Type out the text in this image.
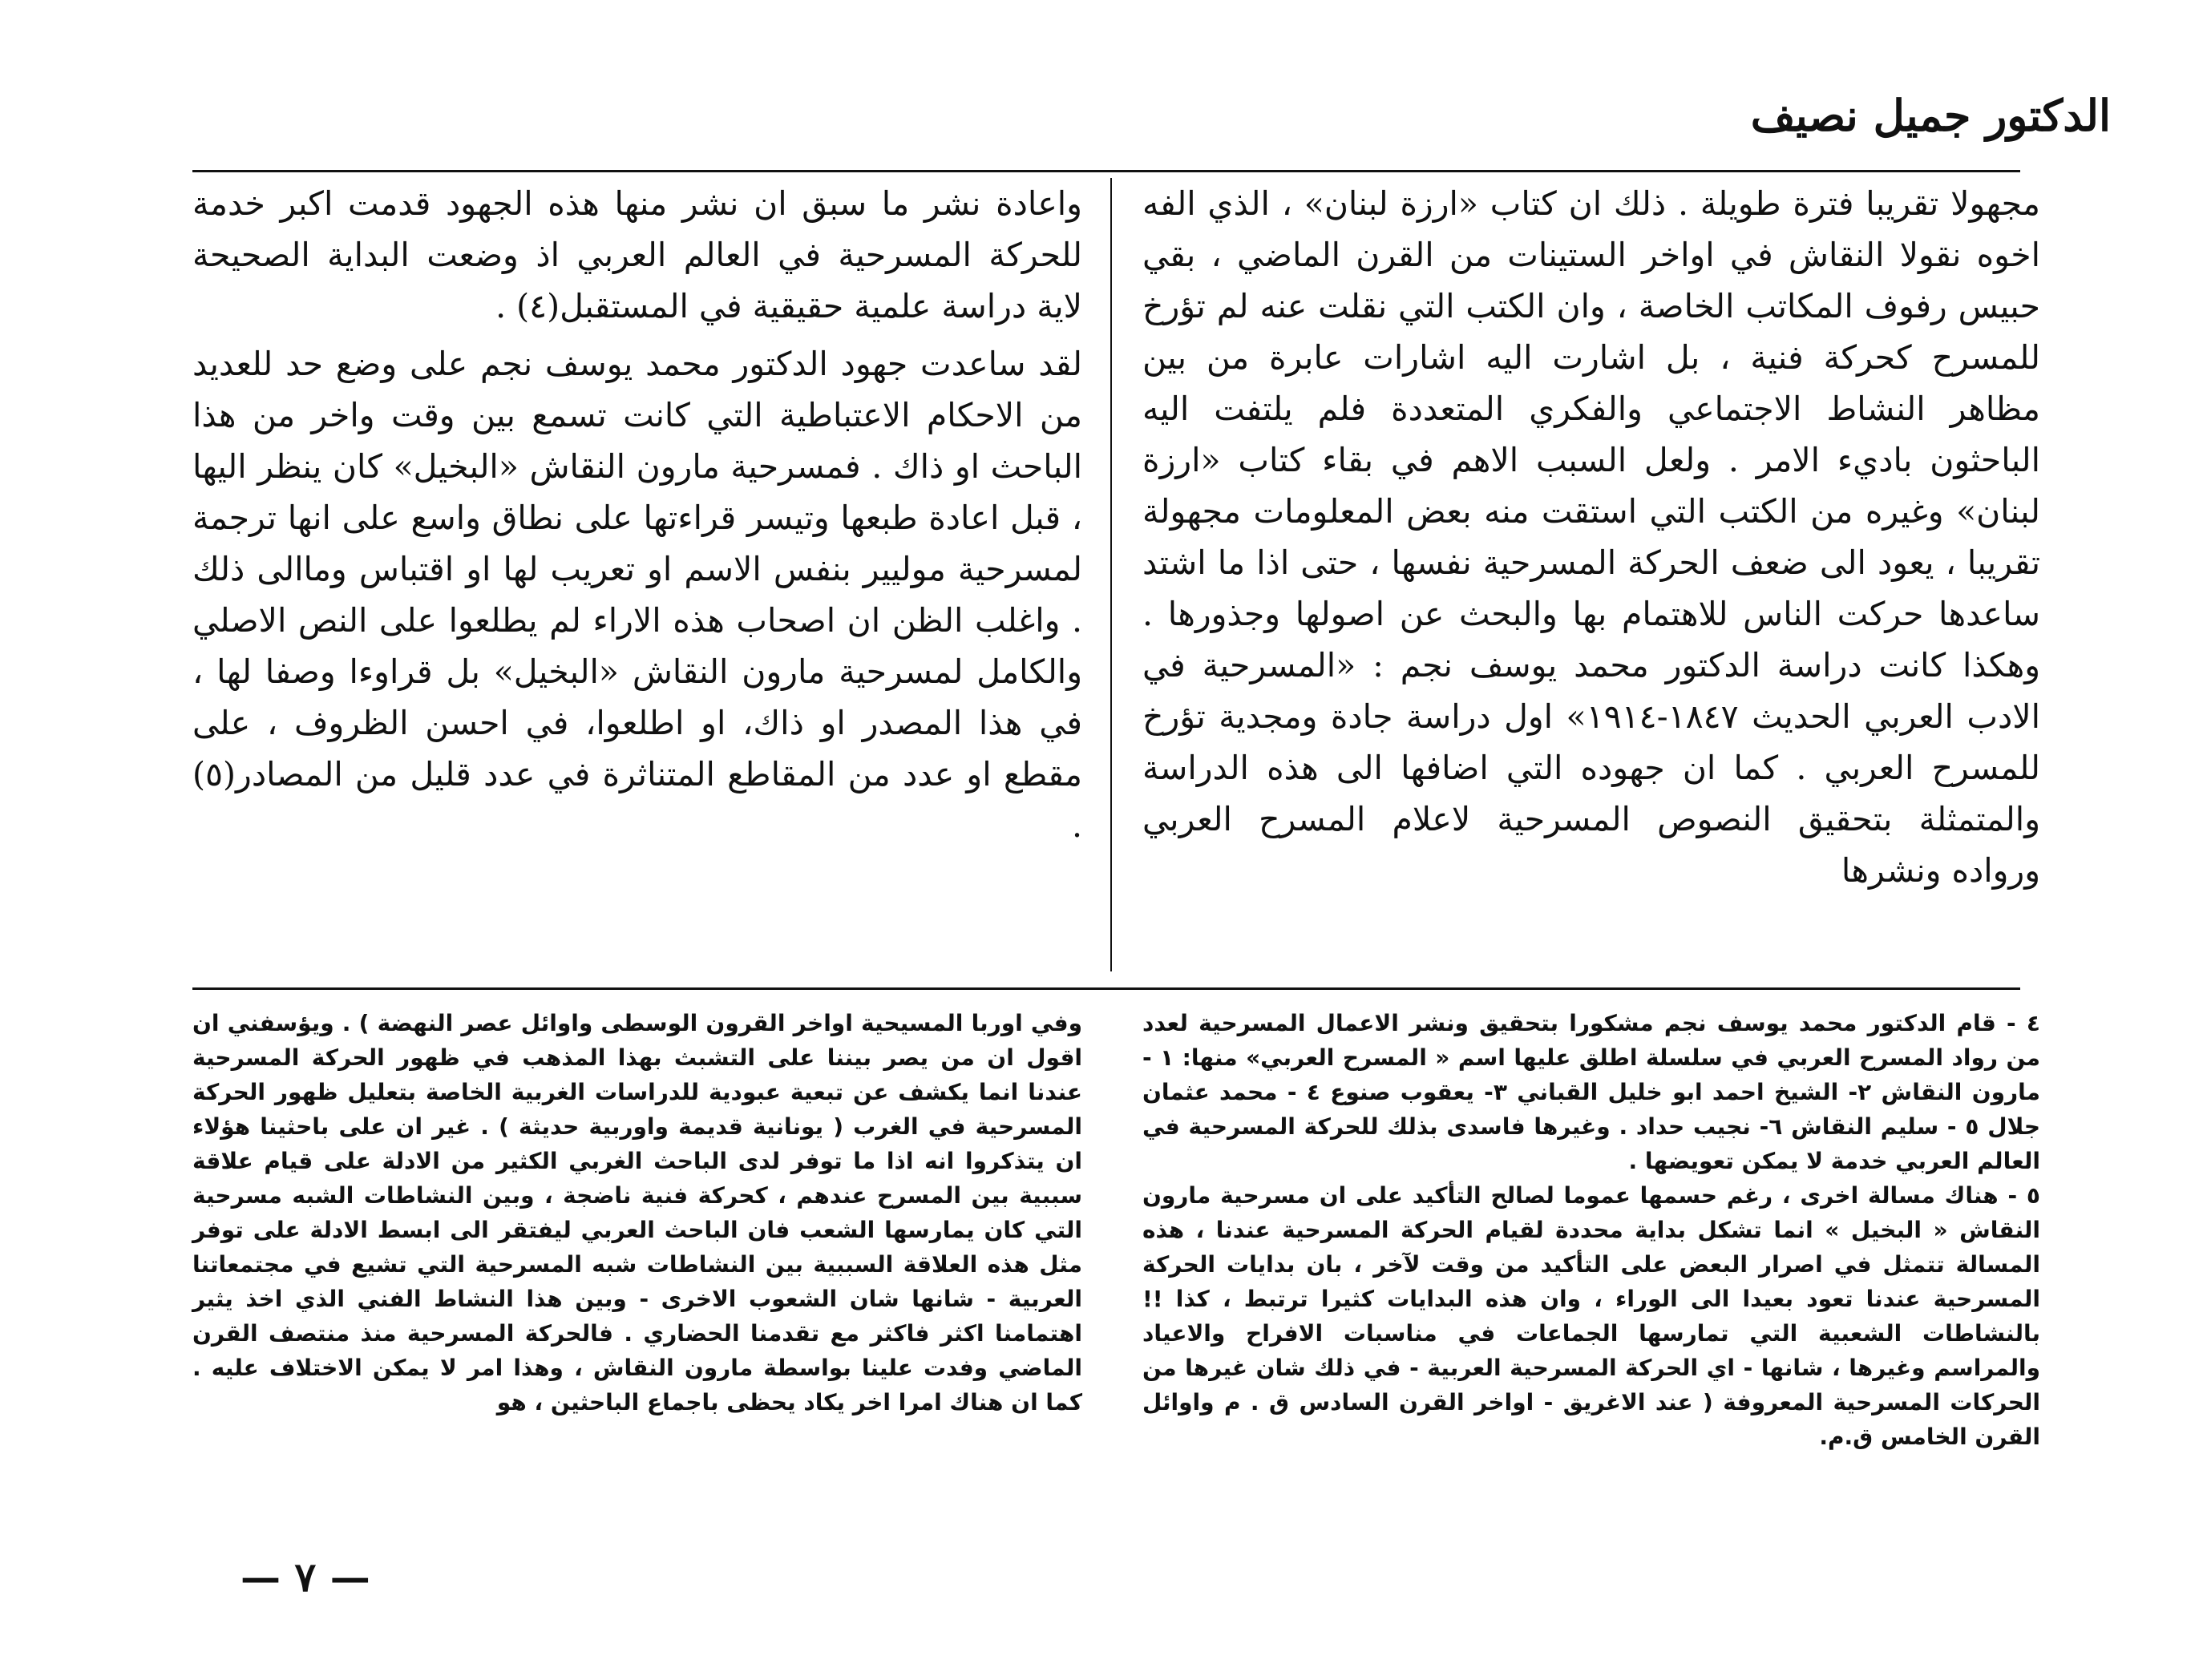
الدكتور جميل نصيف

مجهولا تقريبا فترة طويلة . ذلك ان كتاب «ارزة لبنان» ، الذي الفه اخوه نقولا النقاش في اواخر الستينات من القرن الماضي ، بقي حبيس رفوف المكاتب الخاصة ، وان الكتب التي نقلت عنه لم تؤرخ للمسرح كحركة فنية ، بل اشارت اليه اشارات عابرة من بين مظاهر النشاط الاجتماعي والفكري المتعددة فلم يلتفت اليه الباحثون باديء الامر . ولعل السبب الاهم في بقاء كتاب «ارزة لبنان» وغيره من الكتب التي استقت منه بعض المعلومات مجهولة تقريبا ، يعود الى ضعف الحركة المسرحية نفسها ، حتى اذا ما اشتد ساعدها حركت الناس للاهتمام بها والبحث عن اصولها وجذورها . وهكذا كانت دراسة الدكتور محمد يوسف نجم : «المسرحية في الادب العربي الحديث ١٨٤٧-١٩١٤» اول دراسة جادة ومجدية تؤرخ للمسرح العربي . كما ان جهوده التي اضافها الى هذه الدراسة والمتمثلة بتحقيق النصوص المسرحية لاعلام المسرح العربي ورواده ونشرها

واعادة نشر ما سبق ان نشر منها هذه الجهود قدمت اكبر خدمة للحركة المسرحية في العالم العربي اذ وضعت البداية الصحيحة لاية دراسة علمية حقيقية في المستقبل(٤) .

لقد ساعدت جهود الدكتور محمد يوسف نجم على وضع حد للعديد من الاحكام الاعتباطية التي كانت تسمع بين وقت واخر من هذا الباحث او ذاك . فمسرحية مارون النقاش «البخيل» كان ينظر اليها ، قبل اعادة طبعها وتيسر قراءتها على نطاق واسع على انها ترجمة لمسرحية موليير بنفس الاسم او تعريب لها او اقتباس وماالى ذلك . واغلب الظن ان اصحاب هذه الاراء لم يطلعوا على النص الاصلي والكامل لمسرحية مارون النقاش «البخيل» بل قراوءا وصفا لها ، في هذا المصدر او ذاك، او اطلعوا، في احسن الظروف ، على مقطع او عدد من المقاطع المتناثرة في عدد قليل من المصادر(٥) .

٤ - قام الدكتور محمد يوسف نجم مشكورا بتحقيق ونشر الاعمال المسرحية لعدد من رواد المسرح العربي في سلسلة اطلق عليها اسم « المسرح العربي» منها: ١ - مارون النقاش ٢- الشيخ احمد ابو خليل القباني ٣- يعقوب صنوع ٤ - محمد عثمان جلال ٥ - سليم النقاش ٦- نجيب حداد . وغيرها فاسدى بذلك للحركة المسرحية في العالم العربي خدمة لا يمكن تعويضها .

٥ - هناك مسالة اخرى ، رغم حسمها عموما لصالح التأكيد على ان مسرحية مارون النقاش « البخيل » انما تشكل بداية محددة لقيام الحركة المسرحية عندنا ، هذه المسالة تتمثل في اصرار البعض على التأكيد من وقت لآخر ، بان بدايات الحركة المسرحية عندنا تعود بعيدا الى الوراء ، وان هذه البدايات كثيرا ترتبط ، كذا !! بالنشاطات الشعبية التي تمارسها الجماعات في مناسبات الافراح والاعياد والمراسم وغيرها ، شانها - اي الحركة المسرحية العربية - في ذلك شان غيرها من الحركات المسرحية المعروفة ( عند الاغريق - اواخر القرن السادس ق . م واوائل القرن الخامس ق.م.

وفي اوربا المسيحية اواخر القرون الوسطى واوائل عصر النهضة ) . ويؤسفني ان اقول ان من يصر بيننا على التشبث بهذا المذهب في ظهور الحركة المسرحية عندنا انما يكشف عن تبعية عبودية للدراسات الغربية الخاصة بتعليل ظهور الحركة المسرحية في الغرب ( يونانية قديمة واوربية حديثة ) . غير ان على باحثينا هؤلاء ان يتذكروا انه اذا ما توفر لدى الباحث الغربي الكثير من الادلة على قيام علاقة سببية بين المسرح عندهم ، كحركة فنية ناضجة ، وبين النشاطات الشبه مسرحية التي كان يمارسها الشعب فان الباحث العربي ليفتقر الى ابسط الادلة على توفر مثل هذه العلاقة السببية بين النشاطات شبه المسرحية التي تشيع في مجتمعاتنا العربية - شانها شان الشعوب الاخرى - وبين هذا النشاط الفني الذي اخذ يثير اهتمامنا اكثر فاكثر مع تقدمنا الحضاري . فالحركة المسرحية منذ منتصف القرن الماضي وفدت علينا بواسطة مارون النقاش ، وهذا امر لا يمكن الاختلاف عليه . كما ان هناك امرا اخر يكاد يحظى باجماع الباحثين ، هو

— ٧ —
